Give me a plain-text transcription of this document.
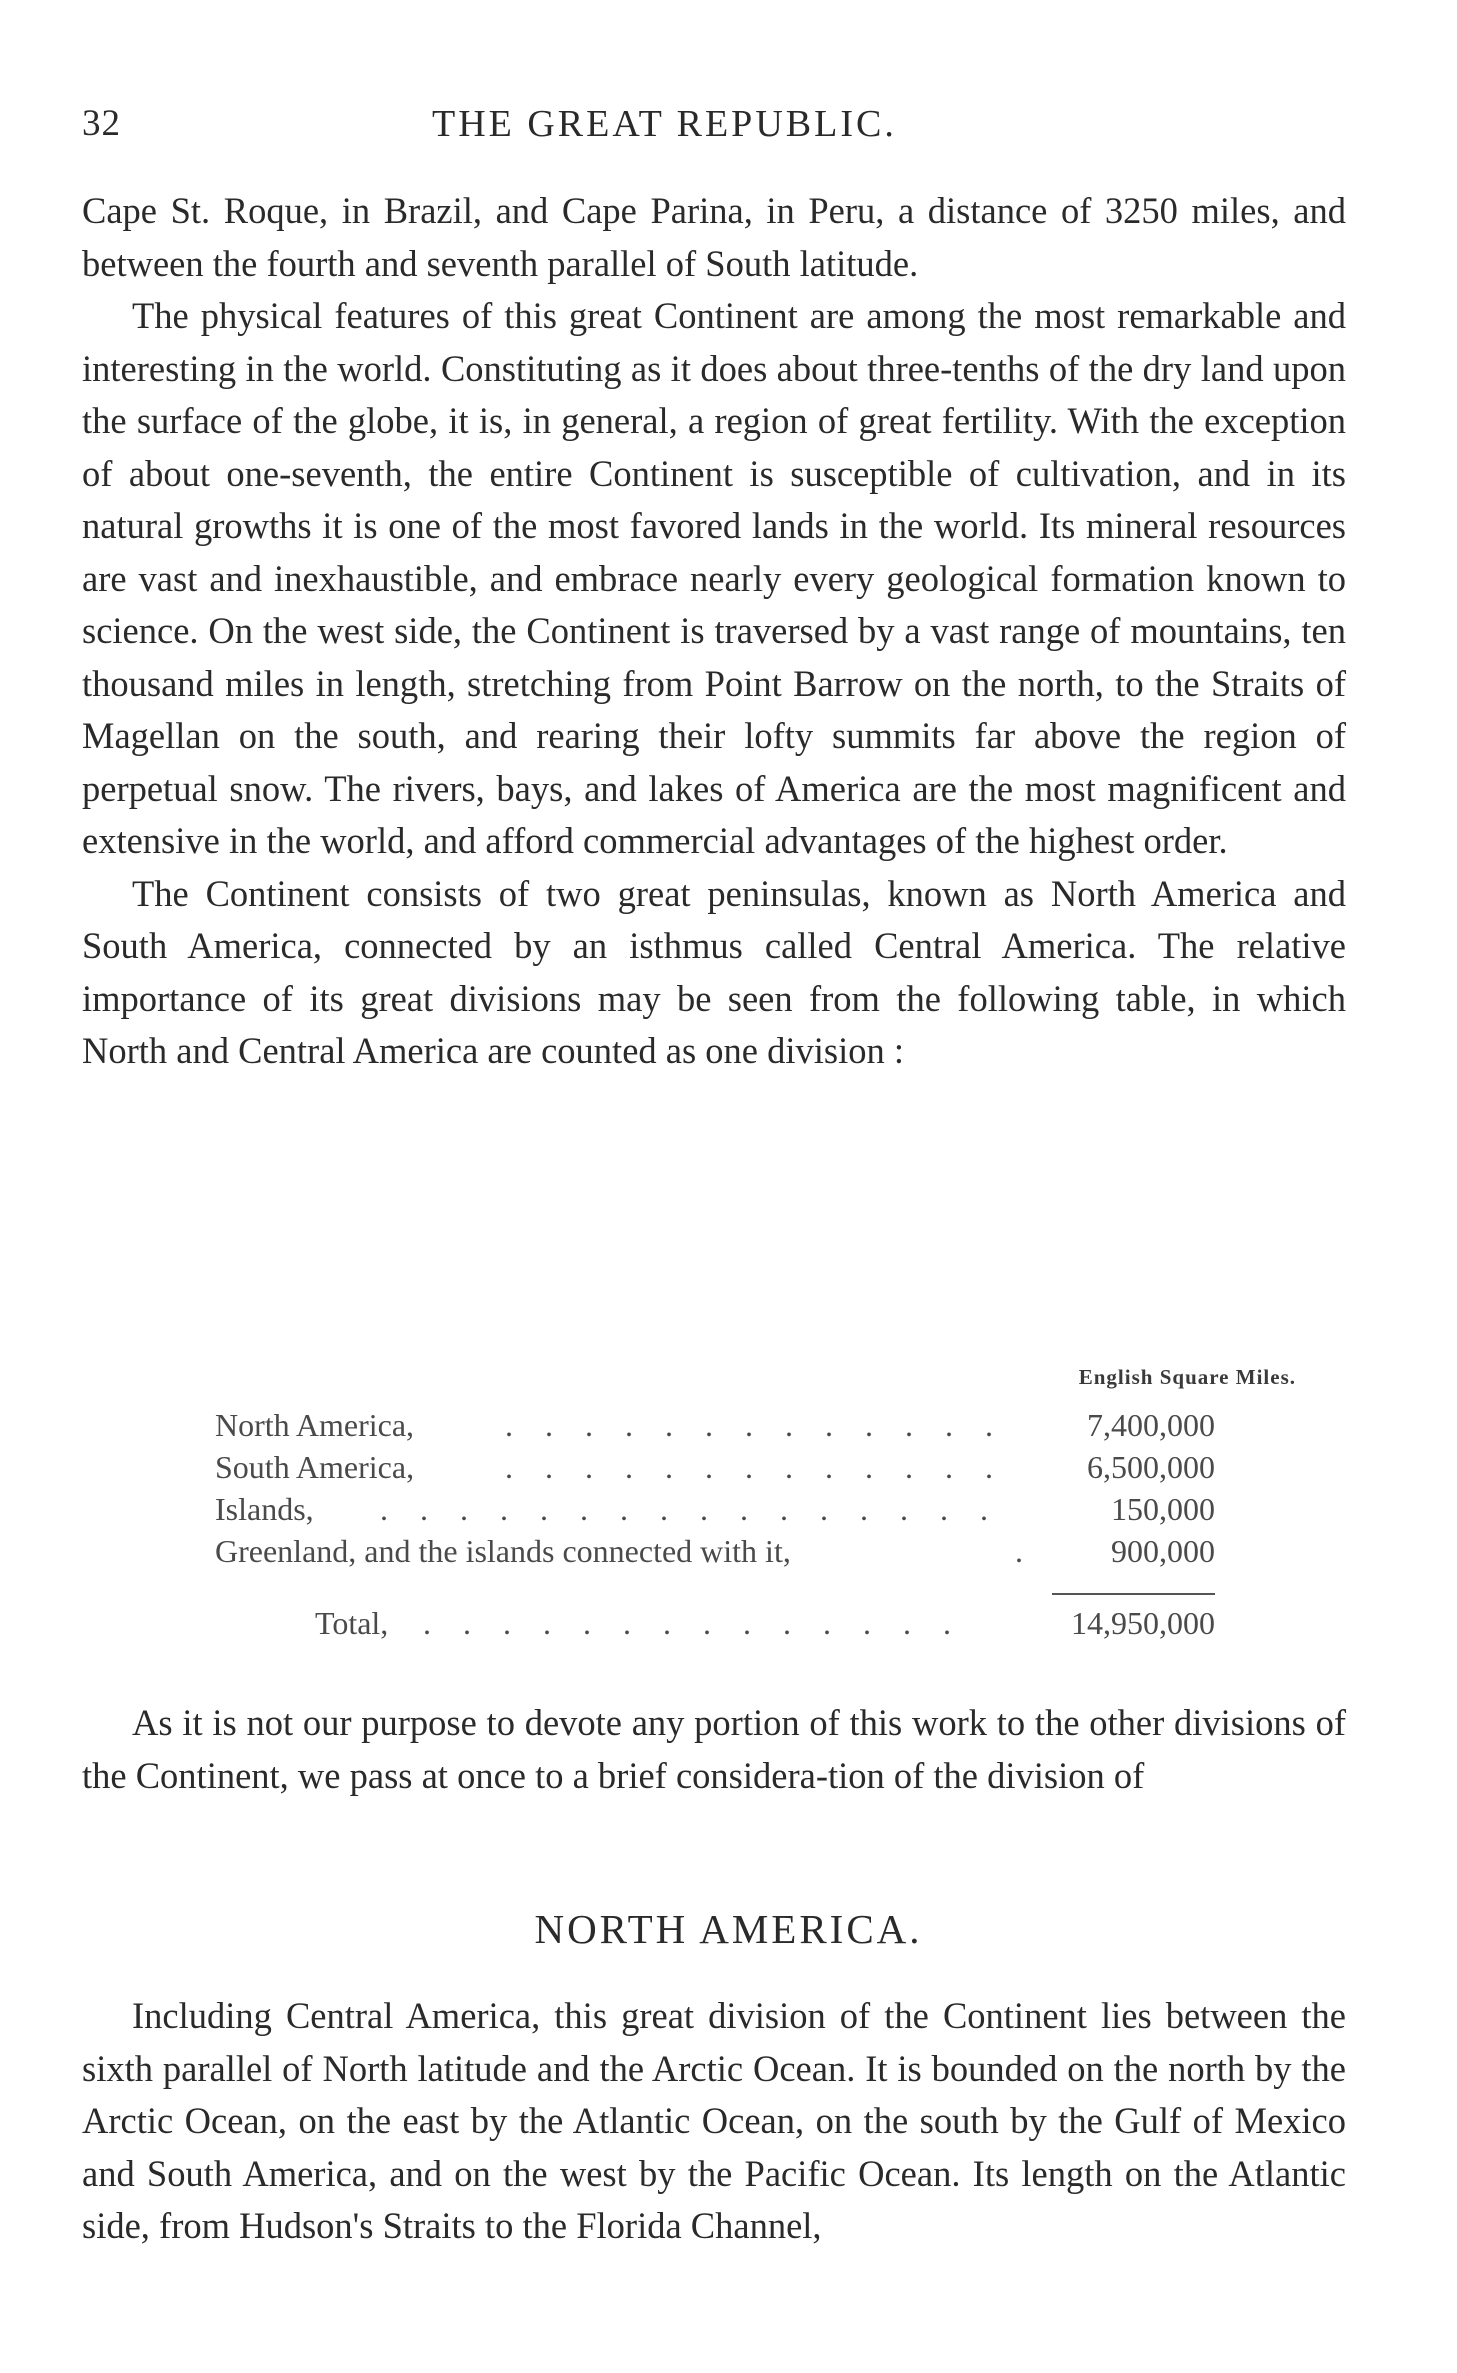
32	THE GREAT REPUBLIC.

Cape St. Roque, in Brazil, and Cape Parina, in Peru, a distance of 3250 miles, and between the fourth and seventh parallel of South latitude.

The physical features of this great Continent are among the most remarkable and interesting in the world. Constituting as it does about three-tenths of the dry land upon the surface of the globe, it is, in general, a region of great fertility. With the exception of about one-seventh, the entire Continent is susceptible of cultivation, and in its natural growths it is one of the most favored lands in the world. Its mineral resources are vast and inexhaustible, and embrace nearly every geological formation known to science. On the west side, the Continent is traversed by a vast range of mountains, ten thousand miles in length, stretching from Point Barrow on the north, to the Straits of Magellan on the south, and rearing their lofty summits far above the region of perpetual snow. The rivers, bays, and lakes of America are the most magnificent and extensive in the world, and afford commercial advantages of the highest order.

The Continent consists of two great peninsulas, known as North America and South America, connected by an isthmus called Central America. The relative importance of its great divisions may be seen from the following table, in which North and Central America are counted as one division :

English Square Miles.
North America,	. . . . . . . . . . . . .	7,400,000
South America,	. . . . . . . . . . . . .	6,500,000
Islands, . . . . . . . . . . . . . . . .	150,000
Greenland, and the islands connected with it,	. 900,000
Total, . . . . . . . . . . . . . .	14,950,000

As it is not our purpose to devote any portion of this work to the other divisions of the Continent, we pass at once to a brief considera-tion of the division of

NORTH AMERICA.

Including Central America, this great division of the Continent lies between the sixth parallel of North latitude and the Arctic Ocean. It is bounded on the north by the Arctic Ocean, on the east by the Atlantic Ocean, on the south by the Gulf of Mexico and South America, and on the west by the Pacific Ocean. Its length on the Atlantic side, from Hudson's Straits to the Florida Channel,
